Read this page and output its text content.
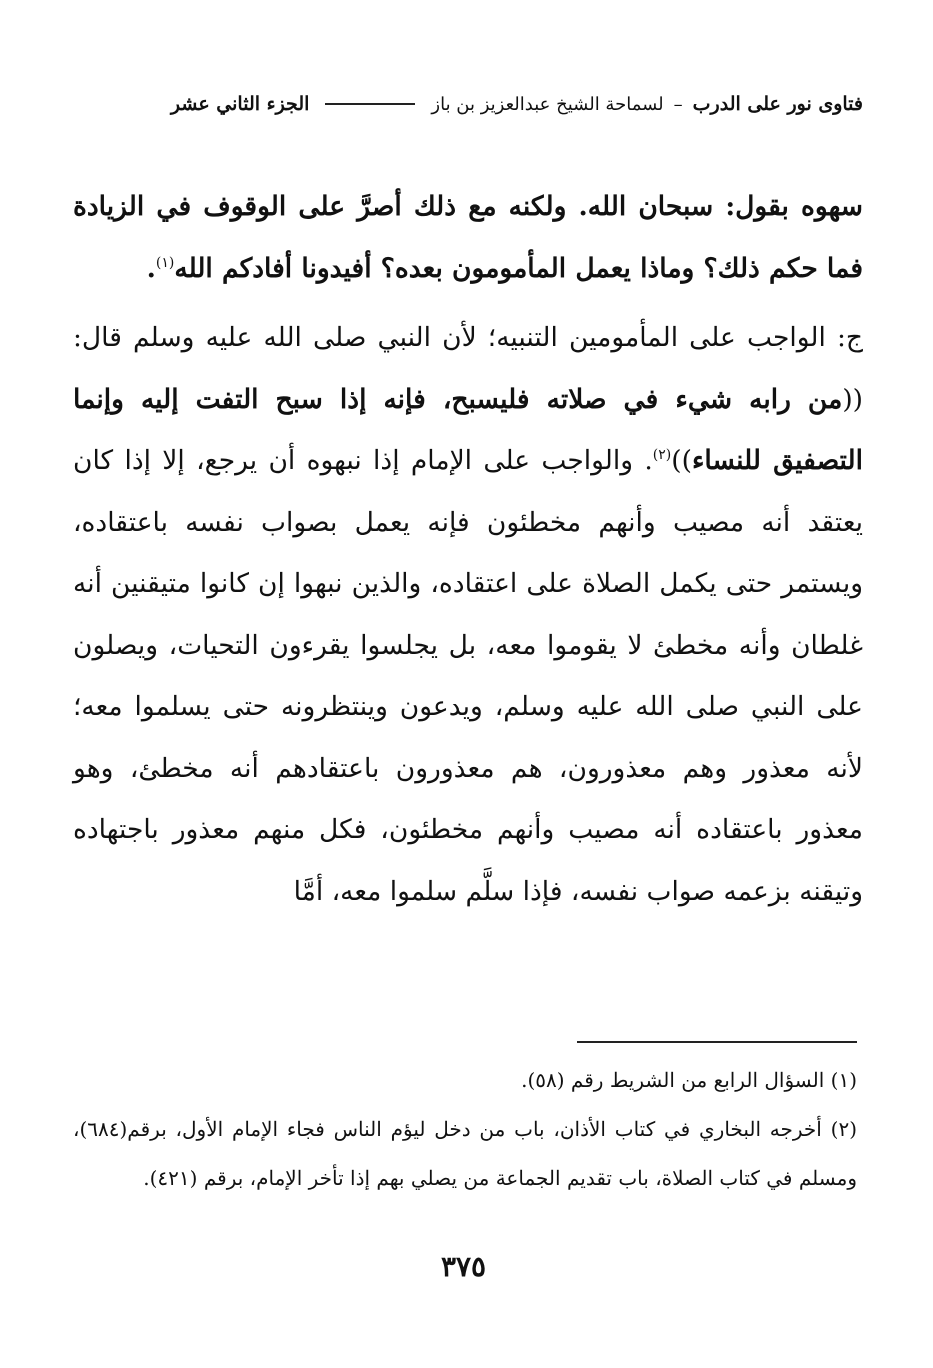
فتاوى نور على الدرب
–
لسماحة الشيخ عبدالعزيز بن باز
الجزء الثاني عشر

سهوه بقول: سبحان الله. ولكنه مع ذلك أصرَّ على الوقوف في الزيادة فما حكم ذلك؟ وماذا يعمل المأمومون بعده؟ أفيدونا أفادكم الله$^{(١)}$.

ج: الواجب على المأمومين التنبيه؛ لأن النبي صلى الله عليه وسلم قال: ((من رابه شيء في صلاته فليسبح، فإنه إذا سبح التفت إليه وإنما التصفيق للنساء))$^{(٢)}$. والواجب على الإمام إذا نبهوه أن يرجع، إلا إذا كان يعتقد أنه مصيب وأنهم مخطئون فإنه يعمل بصواب نفسه باعتقاده، ويستمر حتى يكمل الصلاة على اعتقاده، والذين نبهوا إن كانوا متيقنين أنه غلطان وأنه مخطئ لا يقوموا معه، بل يجلسوا يقرءون التحيات، ويصلون على النبي صلى الله عليه وسلم، ويدعون وينتظرونه حتى يسلموا معه؛ لأنه معذور وهم معذورون، هم معذورون باعتقادهم أنه مخطئ، وهو معذور باعتقاده أنه مصيب وأنهم مخطئون، فكل منهم معذور باجتهاده وتيقنه بزعمه صواب نفسه، فإذا سلَّم سلموا معه، أمَّا

(١) السؤال الرابع من الشريط رقم (٥٨).

(٢) أخرجه البخاري في كتاب الأذان، باب من دخل ليؤم الناس فجاء الإمام الأول، برقم(٦٨٤)، ومسلم في كتاب الصلاة، باب تقديم الجماعة من يصلي بهم إذا تأخر الإمام، برقم (٤٢١).

٣٧٥
